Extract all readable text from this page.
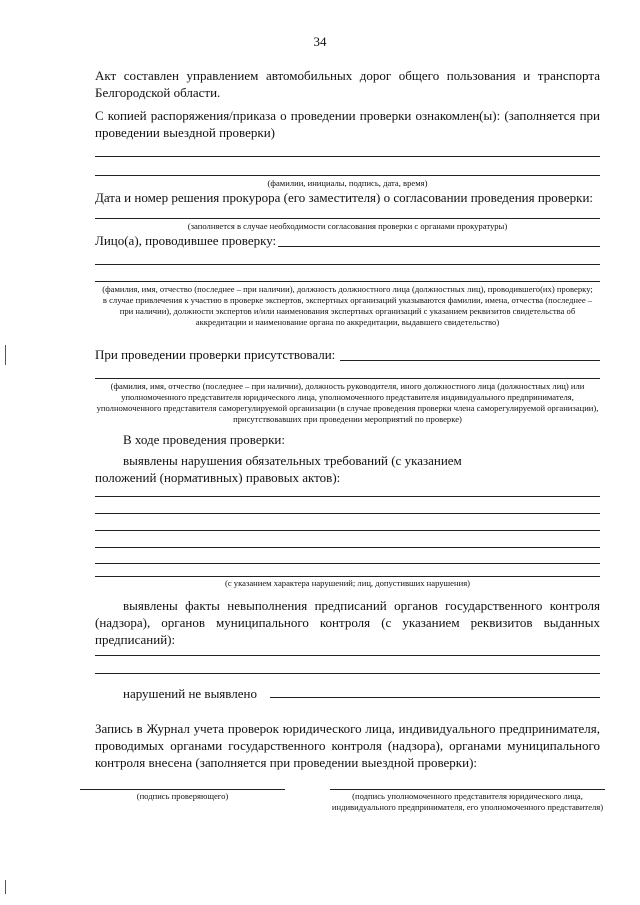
34
Акт составлен управлением автомобильных дорог общего пользования и транспорта Белгородской области.
С копией распоряжения/приказа о проведении проверки ознакомлен(ы): (заполняется при проведении выездной проверки)
(фамилии, инициалы, подпись, дата, время)
Дата и номер решения прокурора (его заместителя) о согласовании проведения проверки:
(заполняется в случае необходимости согласования проверки с органами прокуратуры)
Лицо(а), проводившее проверку:
(фамилия, имя, отчество (последнее – при наличии), должность должностного лица (должностных лиц), проводившего(их) проверку; в случае привлечения к участию в проверке экспертов, экспертных организаций указываются фамилии, имена, отчества (последнее – при наличии), должности экспертов и/или наименования экспертных организаций с указанием реквизитов свидетельства об аккредитации и наименование органа по аккредитации, выдавшего свидетельство)
При проведении проверки присутствовали:
(фамилия, имя, отчество (последнее – при наличии), должность руководителя, иного должностного лица (должностных лиц) или уполномоченного представителя юридического лица, уполномоченного представителя индивидуального предпринимателя, уполномоченного представителя саморегулируемой организации (в случае проведения проверки члена саморегулируемой организации), присутствовавших при проведении мероприятий по проверке)
В ходе проведения проверки:
выявлены нарушения обязательных требований (с указанием положений (нормативных) правовых актов):
(с указанием характера нарушений; лиц, допустивших нарушения)
выявлены факты невыполнения предписаний органов государственного контроля (надзора), органов муниципального контроля (с указанием реквизитов выданных предписаний):
нарушений не выявлено
Запись в Журнал учета проверок юридического лица, индивидуального предпринимателя, проводимых органами государственного контроля (надзора), органами муниципального контроля внесена (заполняется при проведении выездной проверки):
(подпись проверяющего)	(подпись уполномоченного представителя юридического лица, индивидуального предпринимателя, его уполномоченного представителя)
